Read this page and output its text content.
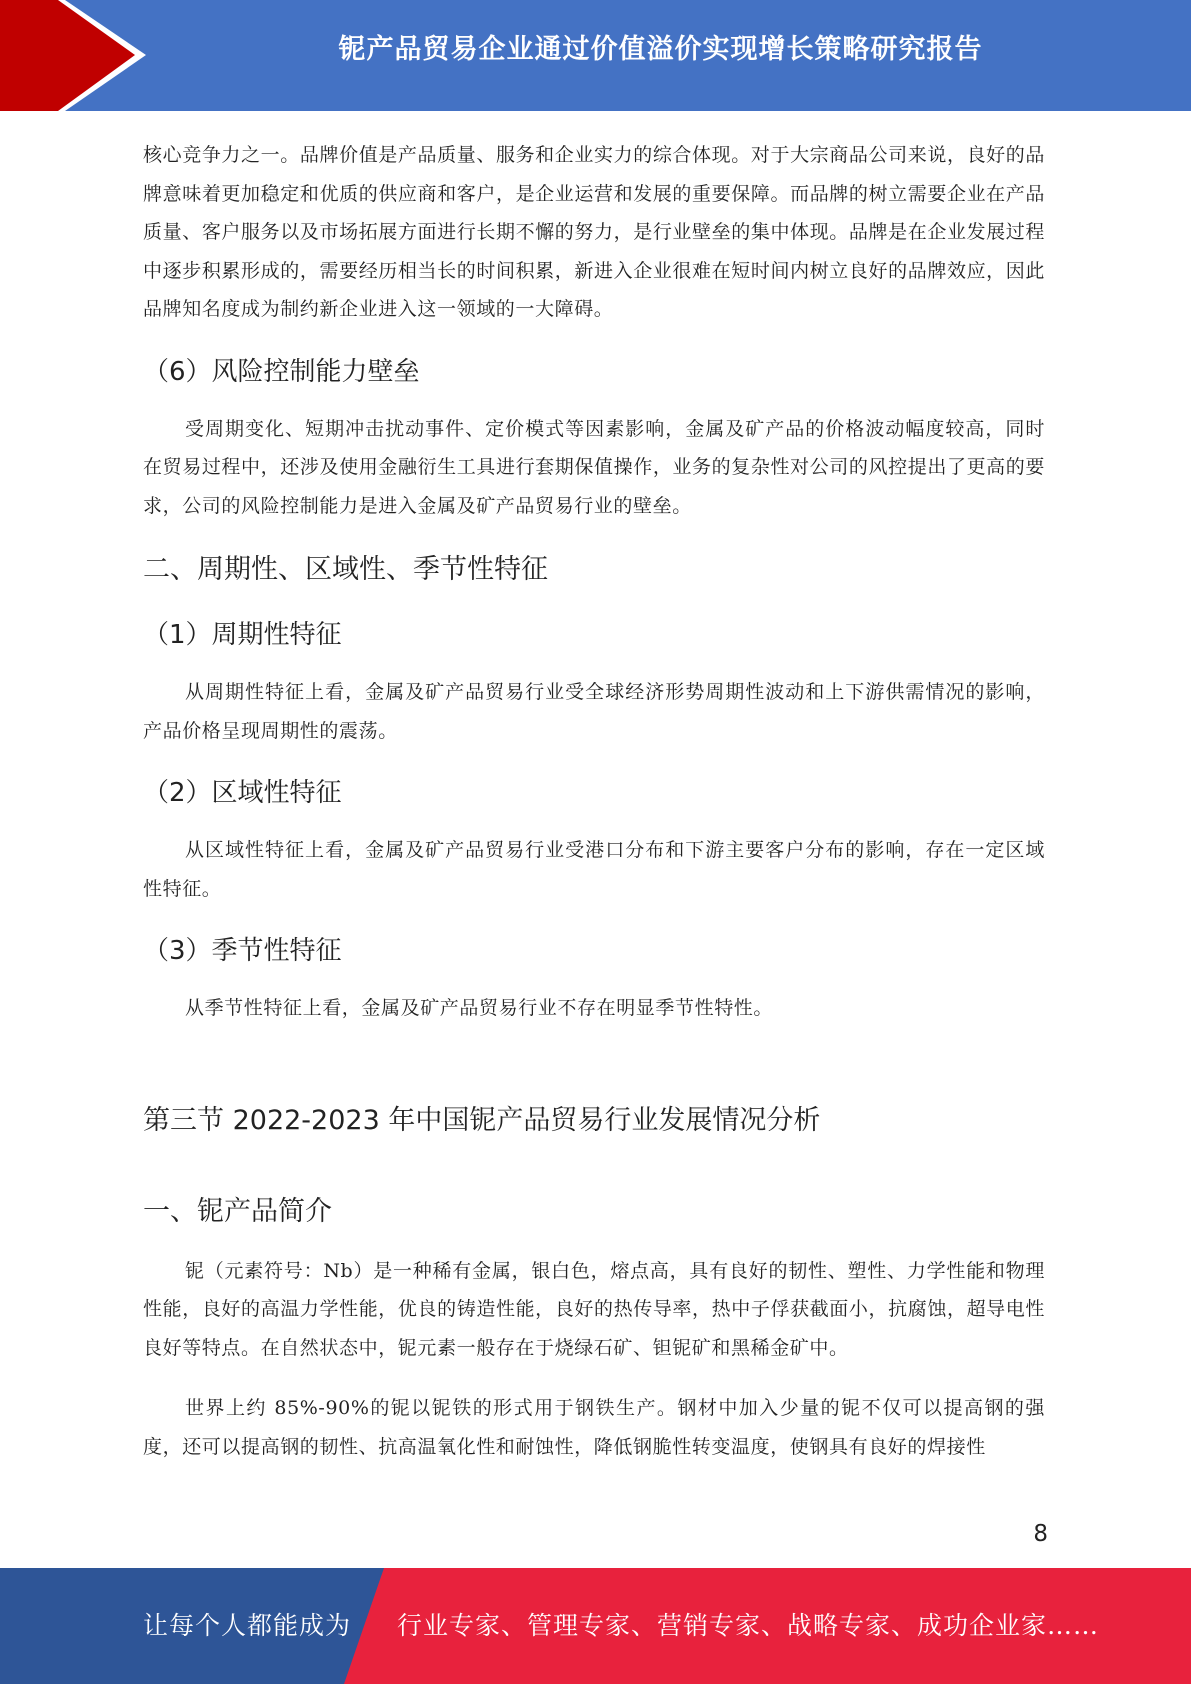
铌产品贸易企业通过价值溢价实现增长策略研究报告

核心竞争力之一。品牌价值是产品质量、服务和企业实力的综合体现。对于大宗商品公司来说，良好的品牌意味着更加稳定和优质的供应商和客户，是企业运营和发展的重要保障。而品牌的树立需要企业在产品质量、客户服务以及市场拓展方面进行长期不懈的努力，是行业壁垒的集中体现。品牌是在企业发展过程中逐步积累形成的，需要经历相当长的时间积累，新进入企业很难在短时间内树立良好的品牌效应，因此品牌知名度成为制约新企业进入这一领域的一大障碍。

（6）风险控制能力壁垒

受周期变化、短期冲击扰动事件、定价模式等因素影响，金属及矿产品的价格波动幅度较高，同时在贸易过程中，还涉及使用金融衍生工具进行套期保值操作，业务的复杂性对公司的风控提出了更高的要求，公司的风险控制能力是进入金属及矿产品贸易行业的壁垒。

二、周期性、区域性、季节性特征
（1）周期性特征

从周期性特征上看，金属及矿产品贸易行业受全球经济形势周期性波动和上下游供需情况的影响，产品价格呈现周期性的震荡。

（2）区域性特征

从区域性特征上看，金属及矿产品贸易行业受港口分布和下游主要客户分布的影响，存在一定区域性特征。

（3）季节性特征

从季节性特征上看，金属及矿产品贸易行业不存在明显季节性特性。

第三节 2022-2023 年中国铌产品贸易行业发展情况分析
一、铌产品简介

铌（元素符号：Nb）是一种稀有金属，银白色，熔点高，具有良好的韧性、塑性、力学性能和物理性能，良好的高温力学性能，优良的铸造性能，良好的热传导率，热中子俘获截面小，抗腐蚀，超导电性良好等特点。在自然状态中，铌元素一般存在于烧绿石矿、钽铌矿和黑稀金矿中。

世界上约 85%-90%的铌以铌铁的形式用于钢铁生产。钢材中加入少量的铌不仅可以提高钢的强度，还可以提高钢的韧性、抗高温氧化性和耐蚀性，降低钢脆性转变温度，使钢具有良好的焊接性

8
让每个人都能成为 行业专家、管理专家、营销专家、战略专家、成功企业家……
